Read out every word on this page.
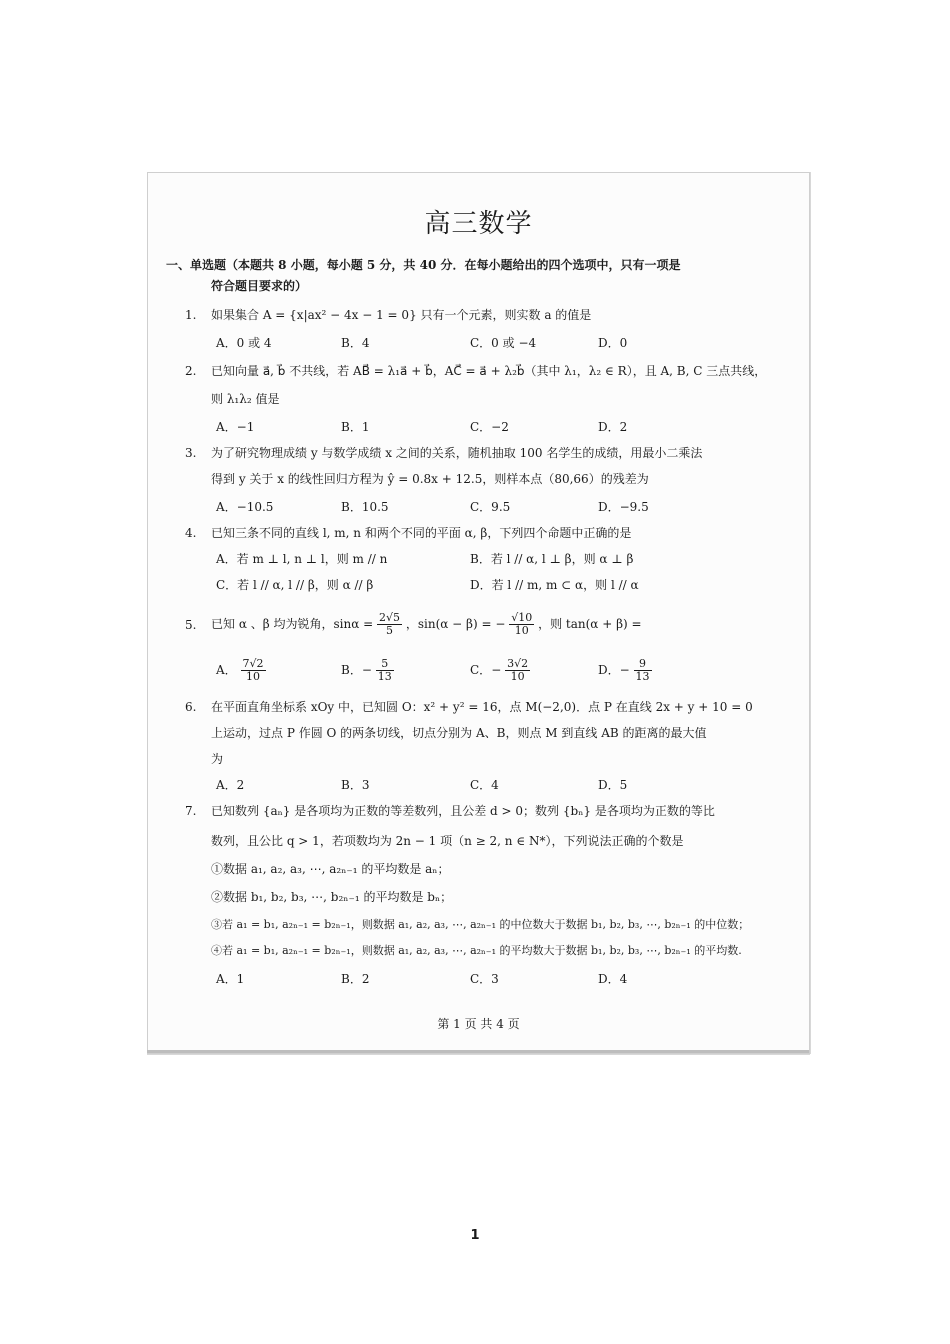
高三数学
一、单选题（本题共 8 小题，每小题 5 分，共 40 分．在每小题给出的四个选项中，只有一项是
符合题目要求的）
1. 如果集合 A = {x|ax² − 4x − 1 = 0} 只有一个元素，则实数 a 的值是
A．0 或 4	B．4	C．0 或 −4	D．0
2. 已知向量 a⃗, b⃗ 不共线，若 AB⃗ = λ₁a⃗ + b⃗，AC⃗ = a⃗ + λ₂b⃗（其中 λ₁，λ₂ ∈ R），且 A, B, C 三点共线，
则 λ₁λ₂ 值是
A．−1	B．1	C．−2	D．2
3. 为了研究物理成绩 y 与数学成绩 x 之间的关系，随机抽取 100 名学生的成绩，用最小二乘法
得到 y 关于 x 的线性回归方程为 ŷ = 0.8x + 12.5，则样本点（80,66）的残差为
A．−10.5	B．10.5	C．9.5	D．−9.5
4. 已知三条不同的直线 l, m, n 和两个不同的平面 α, β，下列四个命题中正确的是
A．若 m ⊥ l, n ⊥ l，则 m // n	B．若 l // α, l ⊥ β，则 α ⊥ β
C．若 l // α, l // β，则 α // β	D．若 l // m, m ⊂ α，则 l // α
5. 已知 α 、β 均为锐角，$\sin\alpha = \frac{2√5}{5}$ ，sin(α − β) = − $\frac{√10}{10}$ ，则 tan(α + β) =
A． $\frac{7√2}{10}$	B．− $\frac{5}{13}$	C．− $\frac{3√2}{10}$	D．− $\frac{9}{13}$
6. 在平面直角坐标系 xOy 中，已知圆 O：x² + y² = 16，点 M(−2,0)．点 P 在直线 2x + y + 10 = 0
上运动，过点 P 作圆 O 的两条切线，切点分别为 A、B，则点 M 到直线 AB 的距离的最大值
为
A．2	B．3	C．4	D．5
7. 已知数列 {aₙ} 是各项均为正数的等差数列，且公差 d > 0；数列 {bₙ} 是各项均为正数的等比
数列，且公比 q > 1，若项数均为 2n − 1 项（n ≥ 2, n ∈ N*），下列说法正确的个数是
①数据 a₁, a₂, a₃, ⋯, a₂ₙ₋₁ 的平均数是 aₙ；
②数据 b₁, b₂, b₃, ⋯, b₂ₙ₋₁ 的平均数是 bₙ；
③若 a₁ = b₁, a₂ₙ₋₁ = b₂ₙ₋₁，则数据 a₁, a₂, a₃, ⋯, a₂ₙ₋₁ 的中位数大于数据 b₁, b₂, b₃, ⋯, b₂ₙ₋₁ 的中位数；
④若 a₁ = b₁, a₂ₙ₋₁ = b₂ₙ₋₁，则数据 a₁, a₂, a₃, ⋯, a₂ₙ₋₁ 的平均数大于数据 b₁, b₂, b₃, ⋯, b₂ₙ₋₁ 的平均数.
A．1	B．2	C．3	D．4
第 1 页 共 4 页
1
